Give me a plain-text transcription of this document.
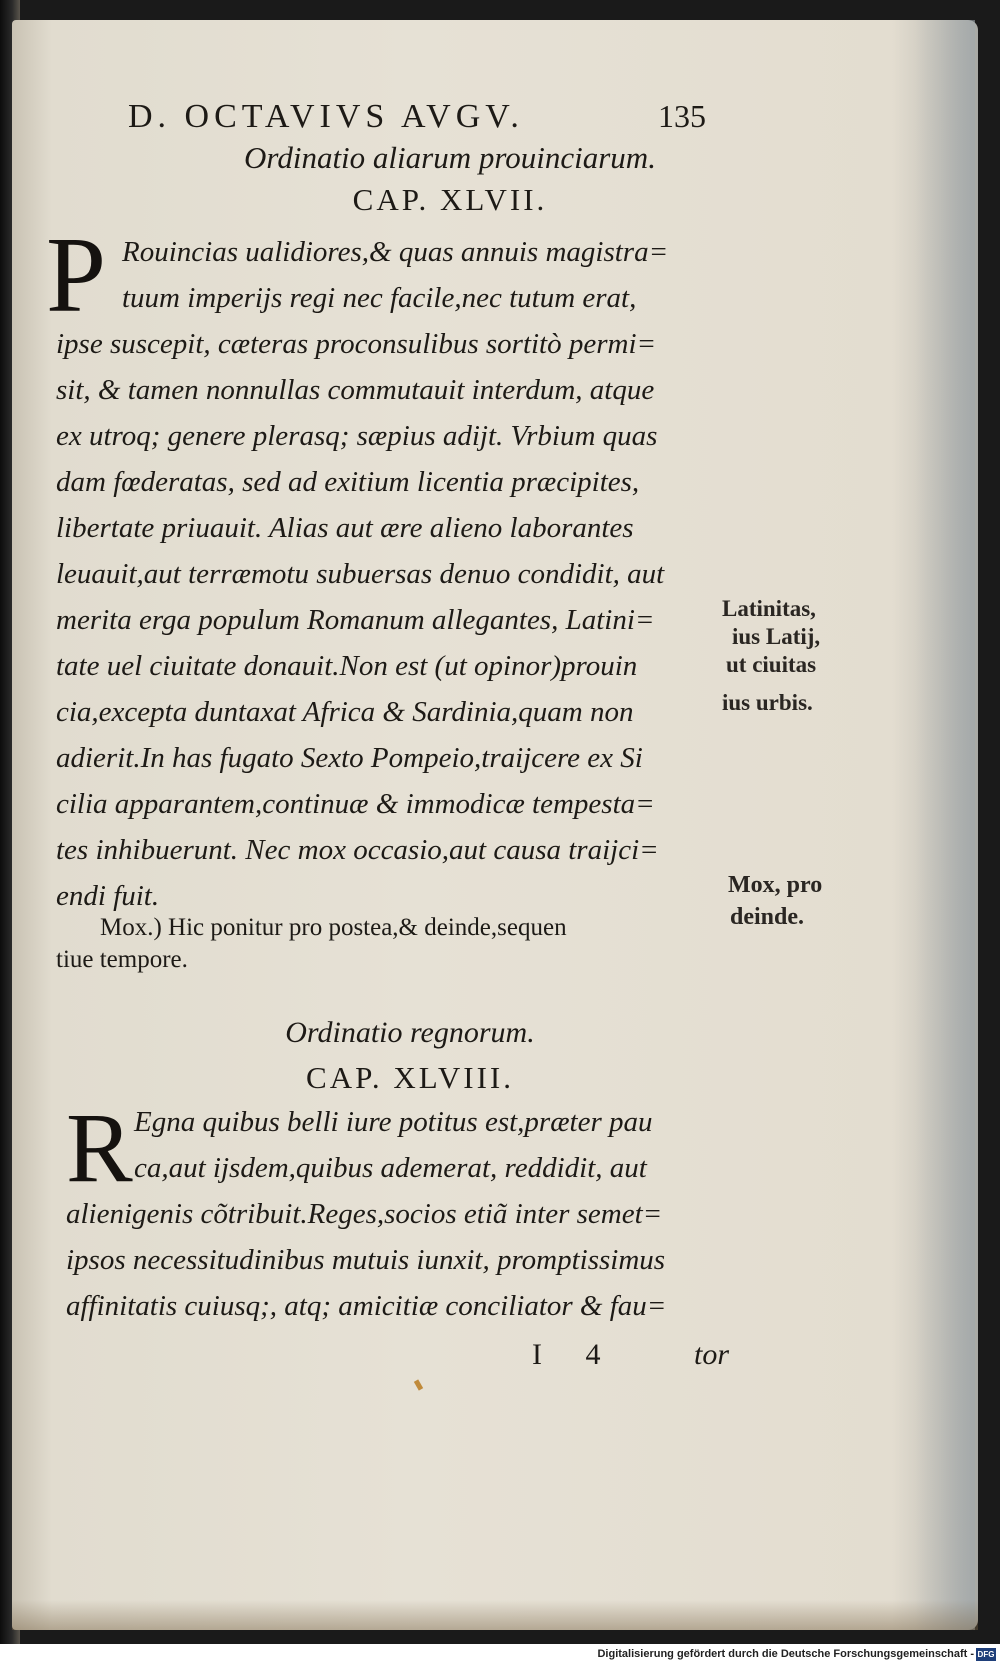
D. OCTAVIVS AVGV.	135
Ordinatio aliarum prouinciarum.
CAP. XLVII.
P Rouincias ualidiores,& quas annuis magistra=
tuum imperijs regi nec facile,nec tutum erat,
ipse suscepit, cæteras proconsulibus sortitò permi=
sit, & tamen nonnullas commutauit interdum, atque
ex utroq; genere plerasq; sæpius adijt. Vrbium quas
dam fœderatas, sed ad exitium licentia præcipites,
libertate priuauit. Alias aut ære alieno laborantes
leuauit,aut terræmotu subuersas denuo condidit, aut
merita erga populum Romanum allegantes, Latini=
tate uel ciuitate donauit.Non est (ut opinor)prouin
cia,excepta duntaxat Africa & Sardinia,quam non
adierit.In has fugato Sexto Pompeio,traijcere ex Si
cilia apparantem,continuæ & immodicæ tempesta=
tes inhibuerunt. Nec mox occasio,aut causa traijci=
endi fuit.
Latinitas,
ius Latij,
ut ciuitas
ius urbis.
Mox, pro
deinde.
Mox.) Hic ponitur pro postea,& deinde,sequen
tiue tempore.
Ordinatio regnorum.
CAP. XLVIII.
R Egna quibus belli iure potitus est,præter pau
ca,aut ijsdem,quibus ademerat, reddidit, aut
alienigenis cõtribuit.Reges,socios etiã inter semet=
ipsos necessitudinibus mutuis iunxit, promptissimus
affinitatis cuiusq;, atq; amicitiæ conciliator & fau=
I 4	tor
Digitalisierung gefördert durch die Deutsche Forschungsgemeinschaft - DFG
